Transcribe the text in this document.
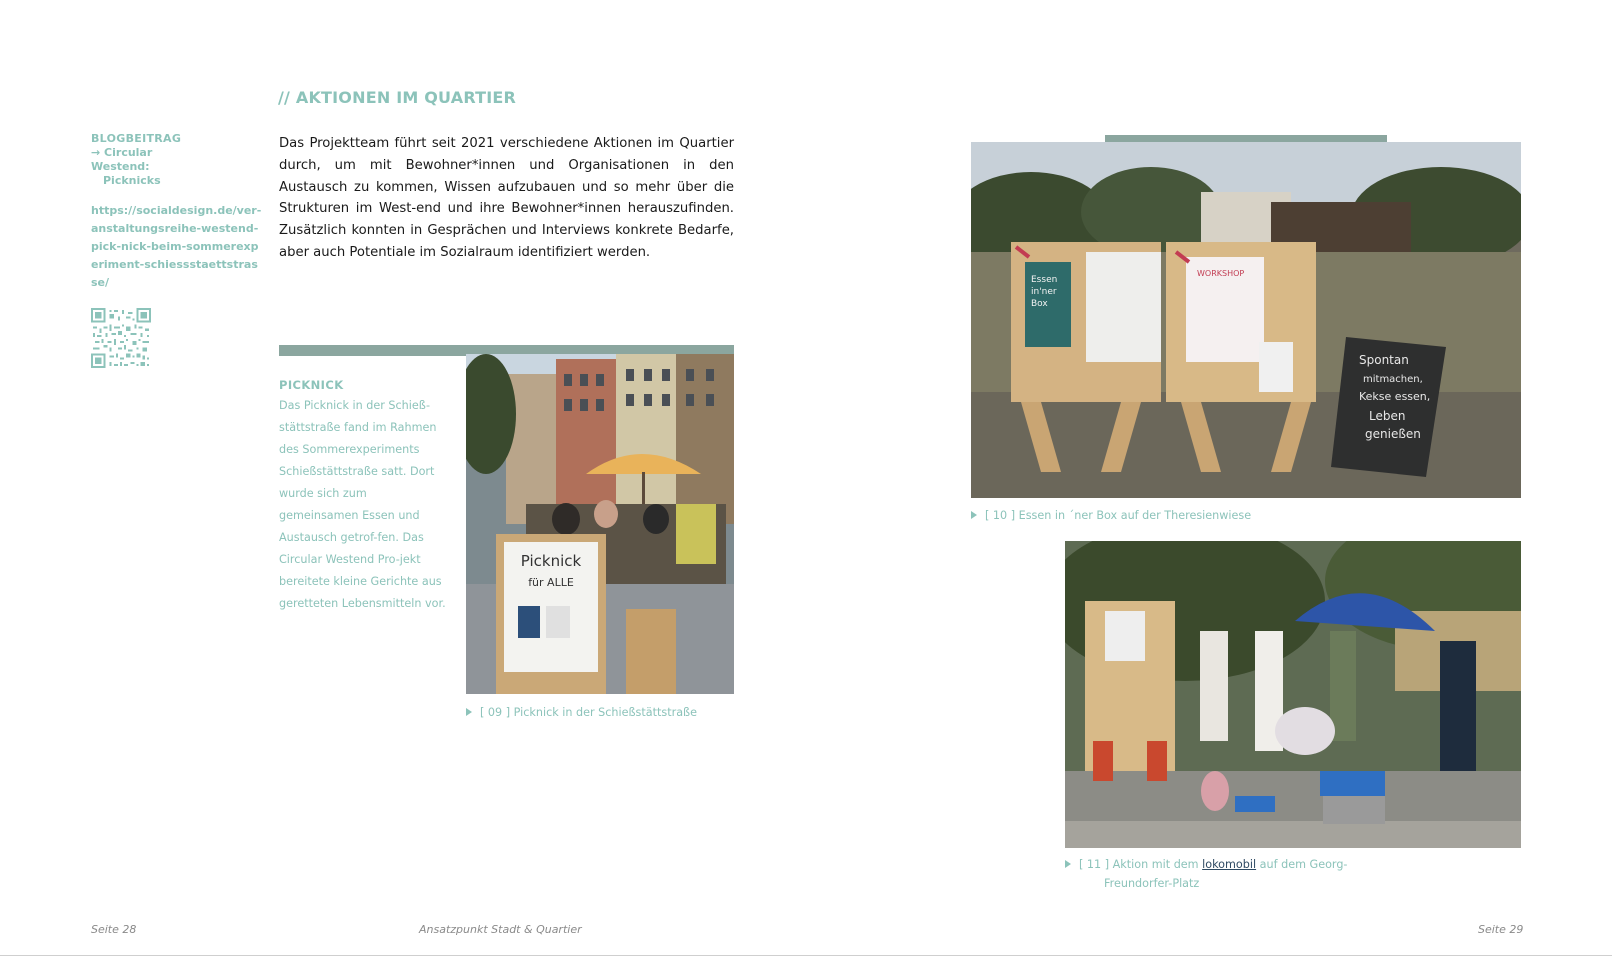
// AKTIONEN IM QUARTIER
BLOGBEITRAG
→ Circular Westend:
Picknicks
https://socialdesign.de/ver-anstaltungsreihe-westend-pick-nick-beim-sommerexperiment-schiessstaettstrasse/
Das Projektteam führt seit 2021 verschiedene Aktionen im Quartier durch, um mit Bewohner*innen und Organisationen in den Austausch zu kommen, Wissen aufzubauen und so mehr über die Strukturen im West-end und ihre Bewohner*innen herauszufinden. Zusätzlich konnten in Gesprächen und Interviews konkrete Bedarfe, aber auch Potentiale im Sozialraum identifiziert werden.
PICKNICK
Das Picknick in der Schieß-stättstraße fand im Rahmen des Sommerexperiments Schießstättstraße satt. Dort wurde sich zum gemeinsamen Essen und Austausch getrof-fen. Das Circular Westend Pro-jekt bereitete kleine Gerichte aus geretteten Lebensmitteln vor.
Picknick
für ALLE
[ 09 ] Picknick in der Schießstättstraße
Essen
in'ner
Box
WORKSHOP
Spontan
mitmachen,
Kekse essen,
Leben
genießen
[ 10 ] Essen in ´ner Box auf der Theresienwiese
[ 11 ] Aktion mit dem lokomobil auf dem Georg-
Freundorfer-Platz
Seite 28	Ansatzpunkt Stadt & Quartier	Seite 29
